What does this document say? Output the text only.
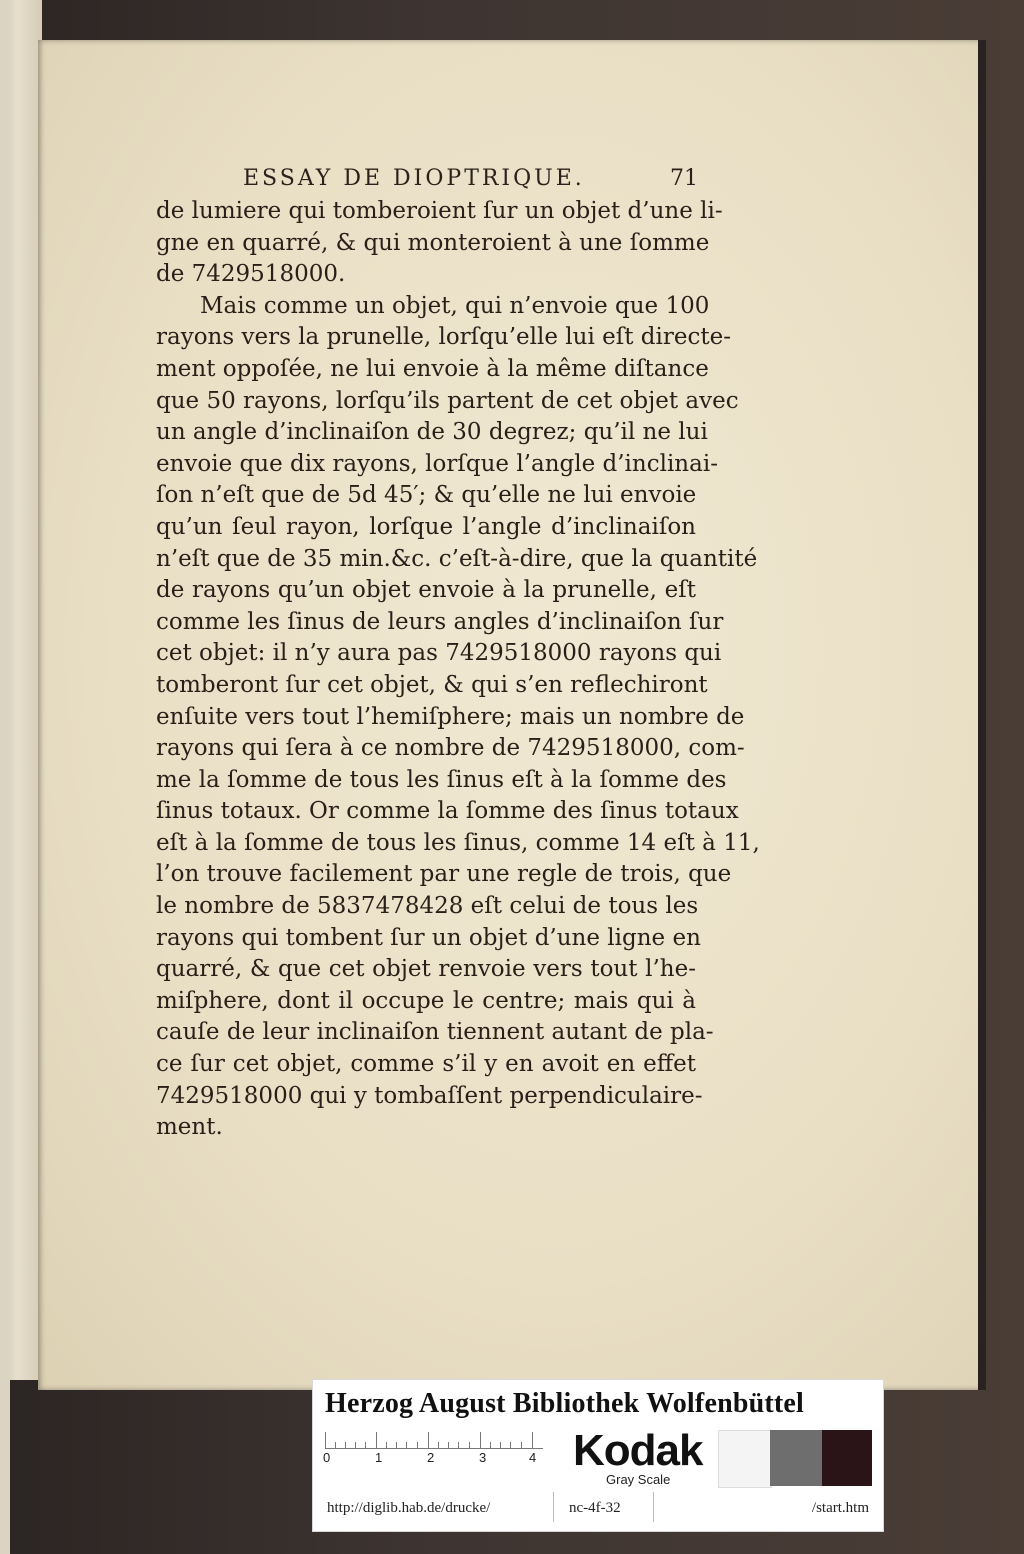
ESSAY DE DIOPTRIQUE.	71
de lumiere qui tomberoient ſur un objet d’une li-
gne en quarré, & qui monteroient à une ſomme
de 7429518000.
Mais comme un objet, qui n’envoie que 100
rayons vers la prunelle, lorſqu’elle lui eſt directe-
ment oppoſée, ne lui envoie à la même diſtance
que 50 rayons, lorſqu’ils partent de cet objet avec
un angle d’inclinaiſon de 30 degrez; qu’il ne lui
envoie que dix rayons, lorſque l’angle d’inclinai-
ſon n’eſt que de 5d 45′; & qu’elle ne lui envoie
qu’un ſeul rayon, lorſque l’angle d’inclinaiſon
n’eſt que de 35 min.&c. c’eſt-à-dire, que la quantité
de rayons qu’un objet envoie à la prunelle, eſt
comme les ſinus de leurs angles d’inclinaiſon ſur
cet objet: il n’y aura pas 7429518000 rayons qui
tomberont ſur cet objet, & qui s’en reflechiront
enſuite vers tout l’hemiſphere; mais un nombre de
rayons qui ſera à ce nombre de 7429518000, com-
me la ſomme de tous les ſinus eſt à la ſomme des
ſinus totaux. Or comme la ſomme des ſinus totaux
eſt à la ſomme de tous les ſinus, comme 14 eſt à 11,
l’on trouve facilement par une regle de trois, que
le nombre de 5837478428 eſt celui de tous les
rayons qui tombent ſur un objet d’une ligne en
quarré, & que cet objet renvoie vers tout l’he-
miſphere, dont il occupe le centre; mais qui à
cauſe de leur inclinaiſon tiennent autant de pla-
ce ſur cet objet, comme s’il y en avoit en effet
7429518000 qui y tombaſſent perpendiculaire-
ment.
Herzog August Bibliothek Wolfenbüttel
0	1	2	3	4 Kodak
Gray Scale
http://diglib.hab.de/drucke/	nc-4f-32	/start.htm
